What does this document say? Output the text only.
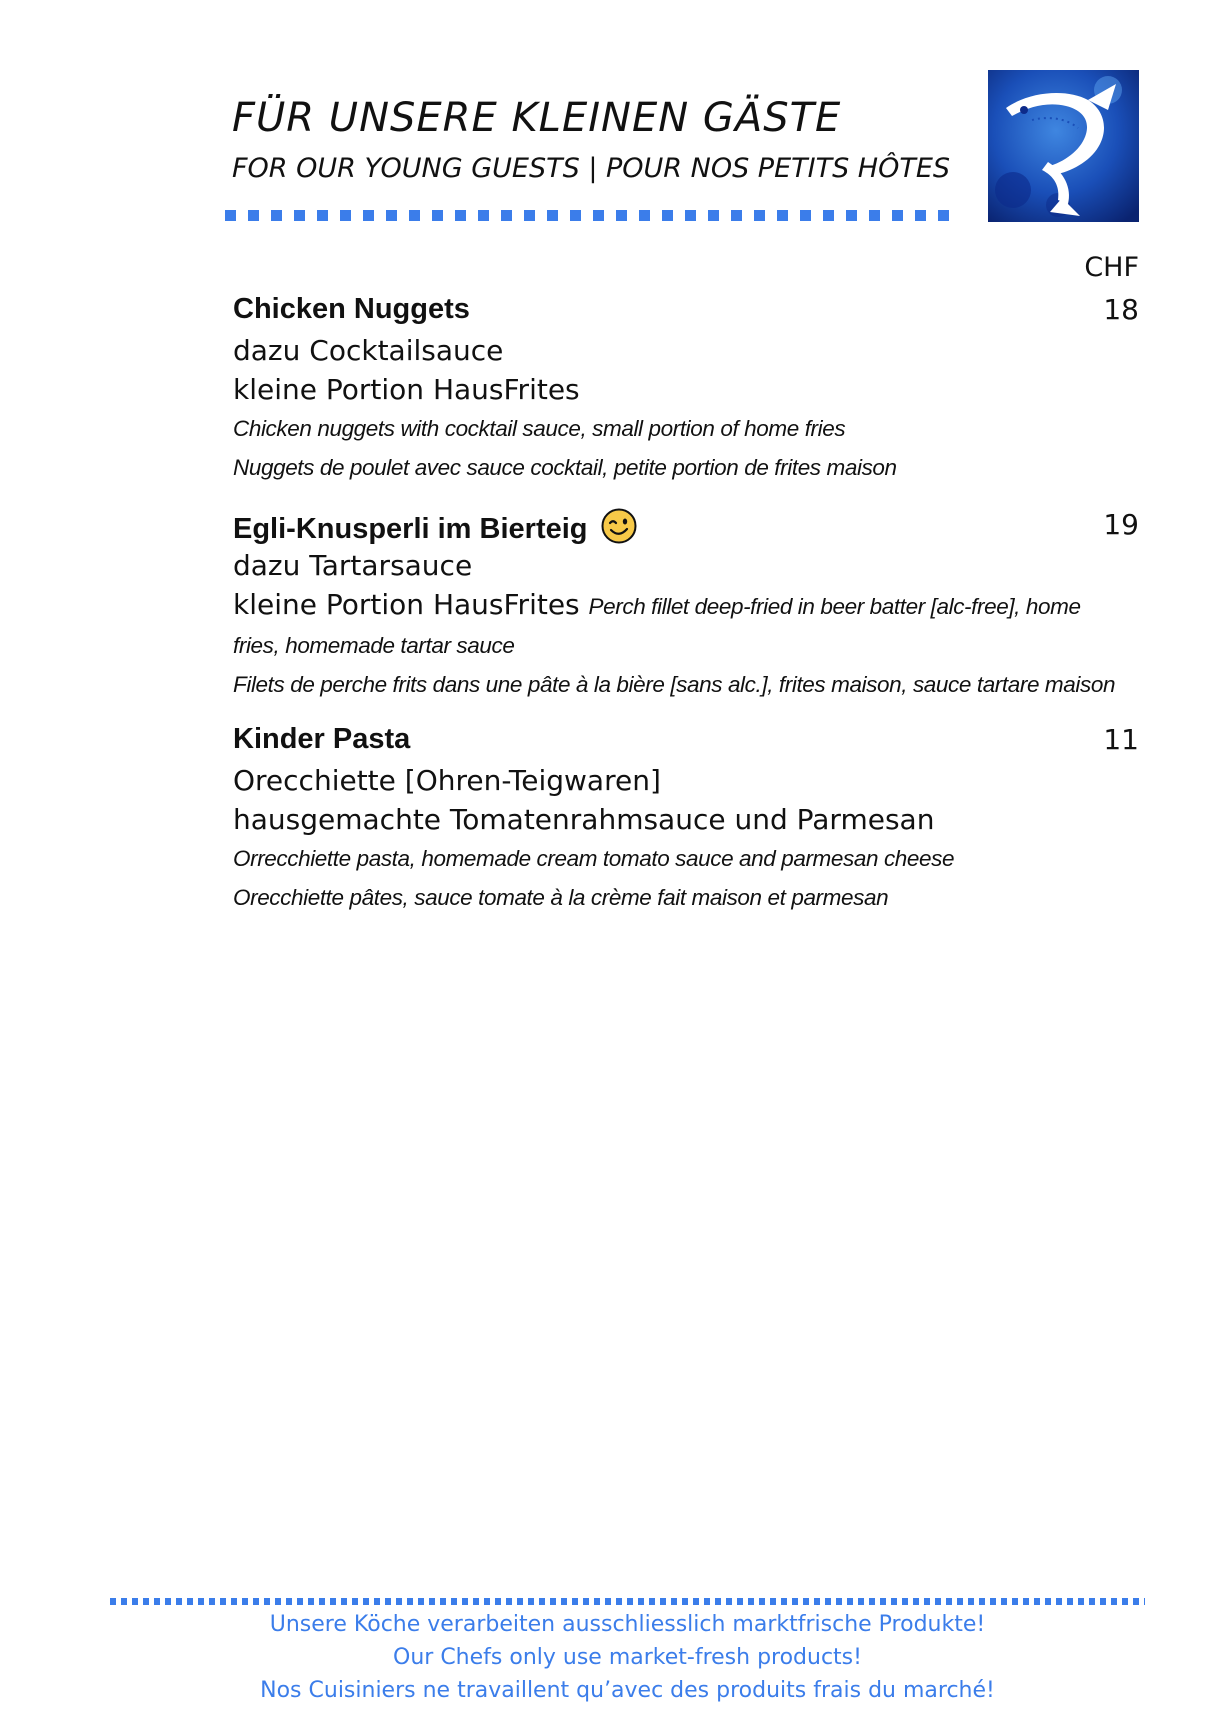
FÜR UNSERE KLEINEN GÄSTE
FOR OUR YOUNG GUESTS | POUR NOS PETITS HÔTES
CHF
Chicken Nuggets	18
dazu Cocktailsauce
kleine Portion HausFrites
Chicken nuggets with cocktail sauce, small portion of home fries
Nuggets de poulet avec sauce cocktail, petite portion de frites maison
Egli-Knusperli im Bierteig	19
dazu Tartarsauce
kleine Portion HausFrites Perch fillet deep-fried in beer batter [alc-free], home
fries, homemade tartar sauce
Filets de perche frits dans une pâte à la bière [sans alc.], frites maison, sauce tartare maison
Kinder Pasta	11
Orecchiette [Ohren-Teigwaren]
hausgemachte Tomatenrahmsauce und Parmesan
Orrecchiette pasta, homemade cream tomato sauce and parmesan cheese
Orecchiette pâtes, sauce tomate à la crème fait maison et parmesan
Unsere Köche verarbeiten ausschliesslich marktfrische Produkte!
Our Chefs only use market-fresh products!
Nos Cuisiniers ne travaillent qu’avec des produits frais du marché!
